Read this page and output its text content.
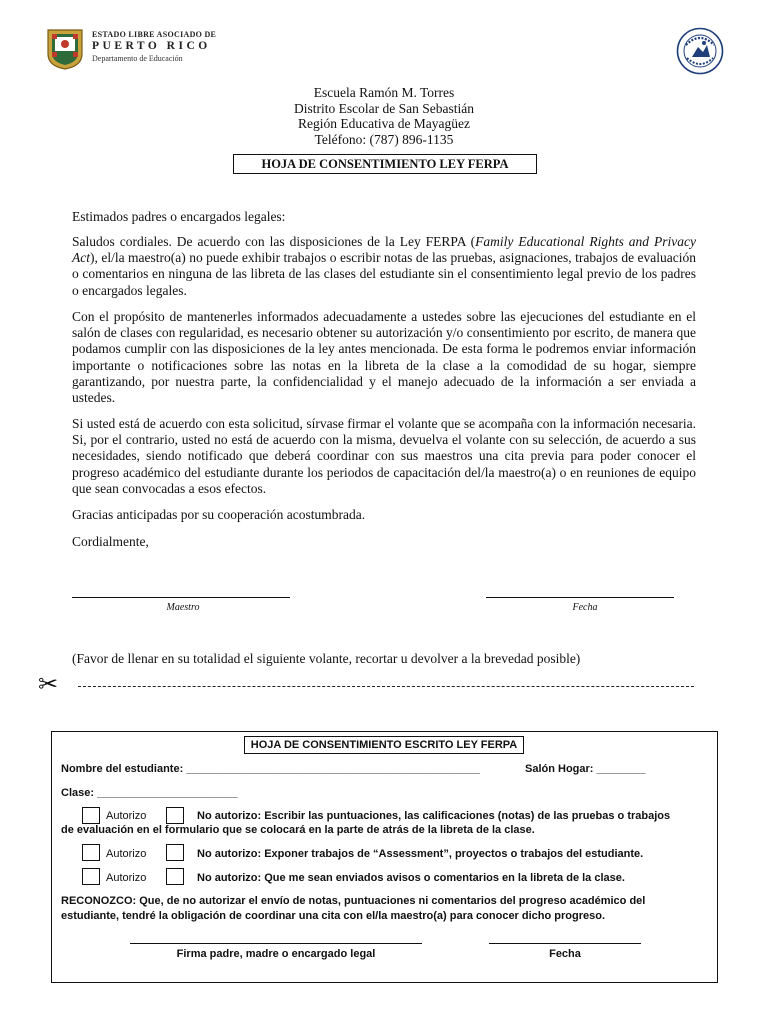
ESTADO LIBRE ASOCIADO DE
PUERTO RICO
Departamento de Educación
Escuela Ramón M. Torres
Distrito Escolar de San Sebastián
Región Educativa de Mayagüez
Teléfono: (787) 896-1135
HOJA DE CONSENTIMIENTO LEY FERPA
Estimados padres o encargados legales:
Saludos cordiales. De acuerdo con las disposiciones de la Ley FERPA (Family Educational Rights and Privacy Act), el/la maestro(a) no puede exhibir trabajos o escribir notas de las pruebas, asignaciones, trabajos de evaluación o comentarios en ninguna de las libreta de las clases del estudiante sin el consentimiento legal previo de los padres o encargados legales.
Con el propósito de mantenerles informados adecuadamente a ustedes sobre las ejecuciones del estudiante en el salón de clases con regularidad, es necesario obtener su autorización y/o consentimiento por escrito, de manera que podamos cumplir con las disposiciones de la ley antes mencionada. De esta forma le podremos enviar información importante o notificaciones sobre las notas en la libreta de la clase a la comodidad de su hogar, siempre garantizando, por nuestra parte, la confidencialidad y el manejo adecuado de la información a ser enviada a ustedes.
Si usted está de acuerdo con esta solicitud, sírvase firmar el volante que se acompaña con la información necesaria. Si, por el contrario, usted no está de acuerdo con la misma, devuelva el volante con su selección, de acuerdo a sus necesidades, siendo notificado que deberá coordinar con sus maestros una cita previa para poder conocer el progreso académico del estudiante durante los periodos de capacitación del/la maestro(a) o en reuniones de equipo que sean convocadas a esos efectos.
Gracias anticipadas por su cooperación acostumbrada.
Cordialmente,
Maestro	Fecha
(Favor de llenar en su totalidad el siguiente volante, recortar u devolver a la brevedad posible)
✂
HOJA DE CONSENTIMIENTO ESCRITO LEY FERPA
Nombre del estudiante: ________________________________________________	Salón Hogar: ________
Clase: _______________________
Autorizo	No autorizo: Escribir las puntuaciones, las calificaciones (notas) de las pruebas o trabajos
de evaluación en el formulario que se colocará en la parte de atrás de la libreta de la clase.
Autorizo	No autorizo: Exponer trabajos de “Assessment”, proyectos o trabajos del estudiante.
Autorizo	No autorizo: Que me sean enviados avisos o comentarios en la libreta de la clase.
RECONOZCO: Que, de no autorizar el envío de notas, puntuaciones ni comentarios del progreso académico del
estudiante, tendré la obligación de coordinar una cita con el/la maestro(a) para conocer dicho progreso.
Firma padre, madre o encargado legal	Fecha
